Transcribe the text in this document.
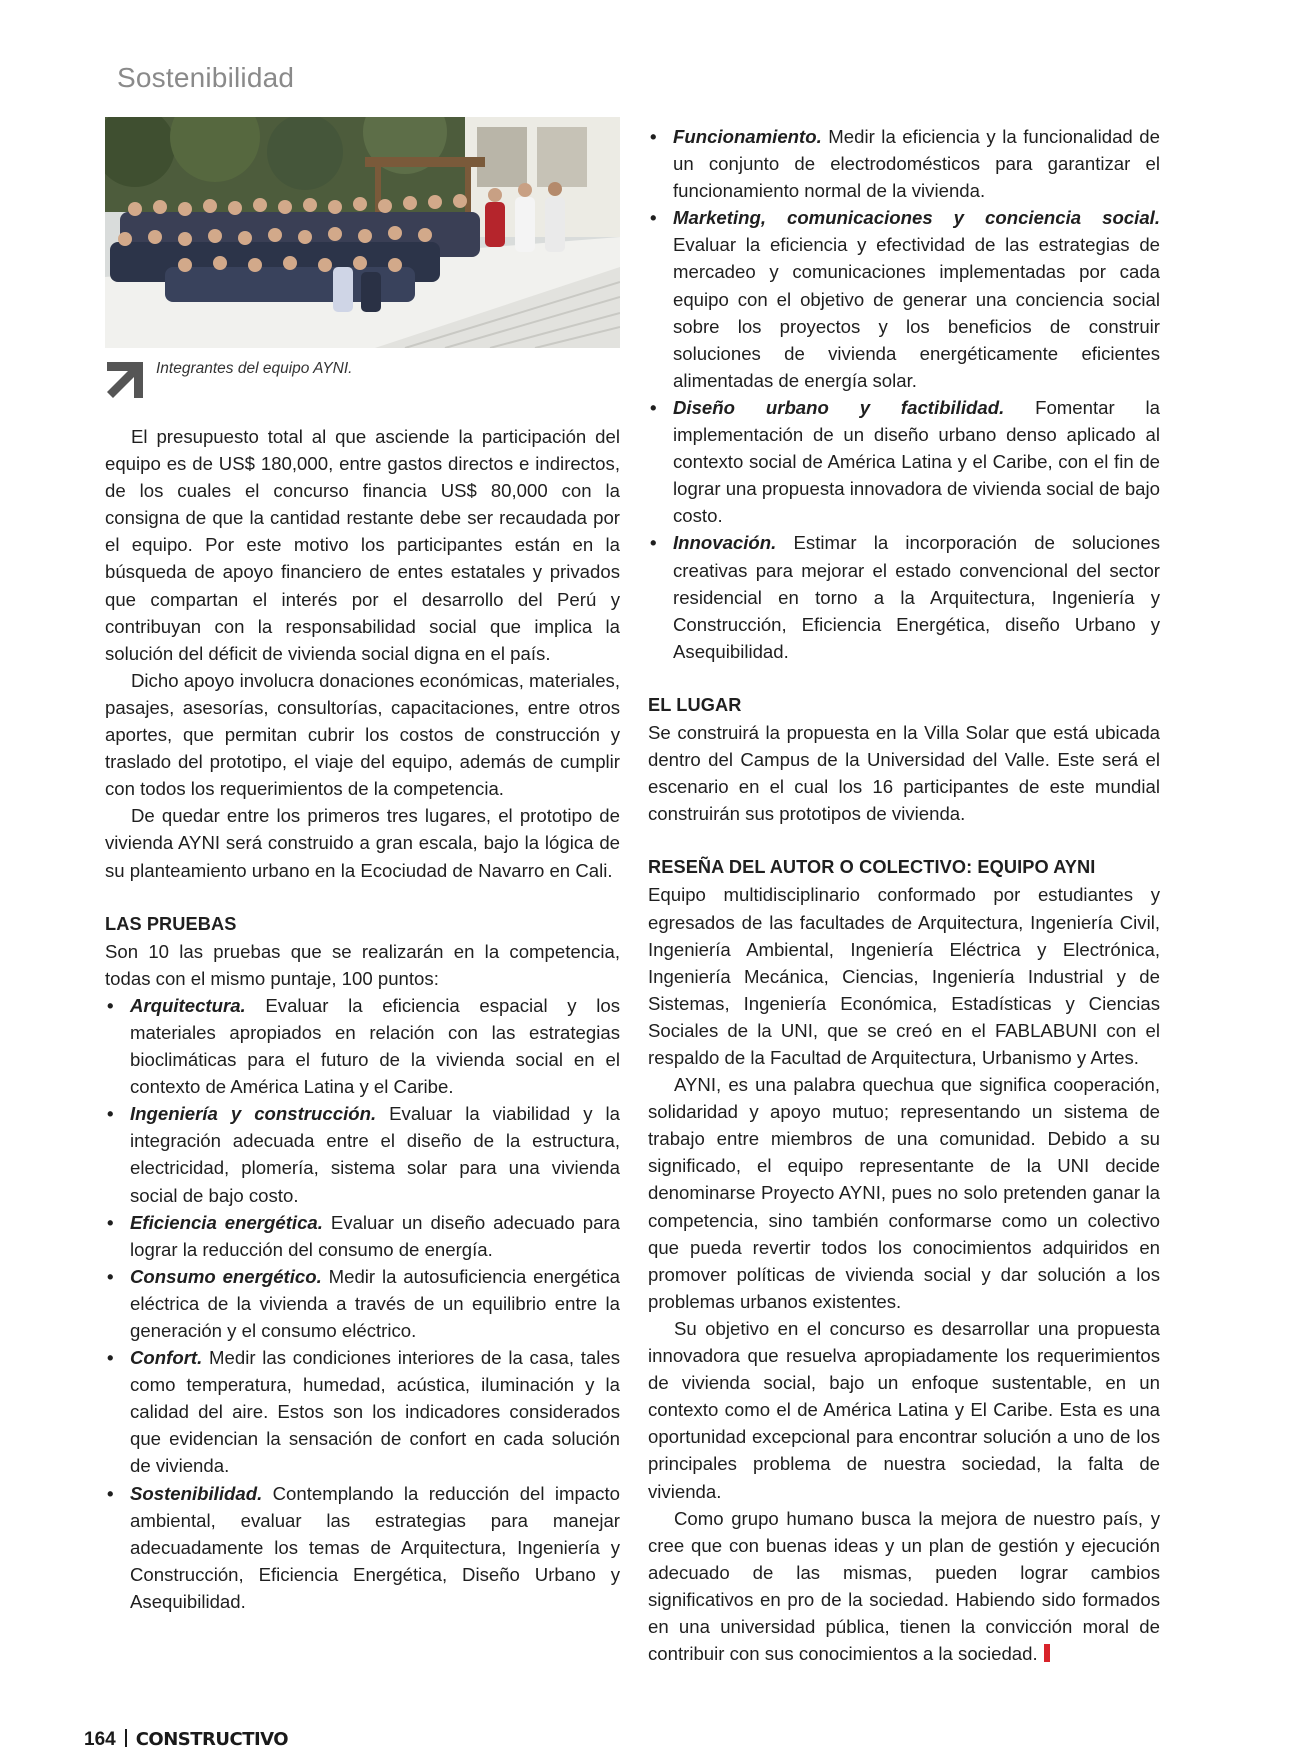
Sostenibilidad
Integrantes del equipo AYNI.

El presupuesto total al que asciende la participación del equipo es de US$ 180,000, entre gastos directos e indirectos, de los cuales el concurso financia US$ 80,000 con la consigna de que la cantidad restante debe ser recaudada por el equipo. Por este motivo los participantes están en la búsqueda de apoyo financiero de entes estatales y privados que compartan el interés por el desarrollo del Perú y contribuyan con la responsabilidad social que implica la solución del déficit de vivienda social digna en el país.

Dicho apoyo involucra donaciones económicas, materiales, pasajes, asesorías, consultorías, capacitaciones, entre otros aportes, que permitan cubrir los costos de construcción y traslado del prototipo, el viaje del equipo, además de cumplir con todos los requerimientos de la competencia.

De quedar entre los primeros tres lugares, el prototipo de vivienda AYNI será construido a gran escala, bajo la lógica de su planteamiento urbano en la Ecociudad de Navarro en Cali.

LAS PRUEBAS

Son 10 las pruebas que se realizarán en la competencia, todas con el mismo puntaje, 100 puntos:

• Arquitectura. Evaluar la eficiencia espacial y los materiales apropiados en relación con las estrategias bioclimáticas para el futuro de la vivienda social en el contexto de América Latina y el Caribe.
• Ingeniería y construcción. Evaluar la viabilidad y la integración adecuada entre el diseño de la estructura, electricidad, plomería, sistema solar para una vivienda social de bajo costo.
• Eficiencia energética. Evaluar un diseño adecuado para lograr la reducción del consumo de energía.
• Consumo energético. Medir la autosuficiencia energética eléctrica de la vivienda a través de un equilibrio entre la generación y el consumo eléctrico.
• Confort. Medir las condiciones interiores de la casa, tales como temperatura, humedad, acústica, iluminación y la calidad del aire. Estos son los indicadores considerados que evidencian la sensación de confort en cada solución de vivienda.
• Sostenibilidad. Contemplando la reducción del impacto ambiental, evaluar las estrategias para manejar adecuadamente los temas de Arquitectura, Ingeniería y Construcción, Eficiencia Energética, Diseño Urbano y Asequibilidad.
• Funcionamiento. Medir la eficiencia y la funcionalidad de un conjunto de electrodomésticos para garantizar el funcionamiento normal de la vivienda.
• Marketing, comunicaciones y conciencia social. Evaluar la eficiencia y efectividad de las estrategias de mercadeo y comunicaciones implementadas por cada equipo con el objetivo de generar una conciencia social sobre los proyectos y los beneficios de construir soluciones de vivienda energéticamente eficientes alimentadas de energía solar.
• Diseño urbano y factibilidad. Fomentar la implementación de un diseño urbano denso aplicado al contexto social de América Latina y el Caribe, con el fin de lograr una propuesta innovadora de vivienda social de bajo costo.
• Innovación. Estimar la incorporación de soluciones creativas para mejorar el estado convencional del sector residencial en torno a la Arquitectura, Ingeniería y Construcción, Eficiencia Energética, diseño Urbano y Asequibilidad.
EL LUGAR

Se construirá la propuesta en la Villa Solar que está ubicada dentro del Campus de la Universidad del Valle. Este será el escenario en el cual los 16 participantes de este mundial construirán sus prototipos de vivienda.

RESEÑA DEL AUTOR O COLECTIVO: EQUIPO AYNI

Equipo multidisciplinario conformado por estudiantes y egresados de las facultades de Arquitectura, Ingeniería Civil, Ingeniería Ambiental, Ingeniería Eléctrica y Electrónica, Ingeniería Mecánica, Ciencias, Ingeniería Industrial y de Sistemas, Ingeniería Económica, Estadísticas y Ciencias Sociales de la UNI, que se creó en el FABLABUNI con el respaldo de la Facultad de Arquitectura, Urbanismo y Artes.

AYNI, es una palabra quechua que significa cooperación, solidaridad y apoyo mutuo; representando un sistema de trabajo entre miembros de una comunidad. Debido a su significado, el equipo representante de la UNI decide denominarse Proyecto AYNI, pues no solo pretenden ganar la competencia, sino también conformarse como un colectivo que pueda revertir todos los conocimientos adquiridos en promover políticas de vivienda social y dar solución a los problemas urbanos existentes.

Su objetivo en el concurso es desarrollar una propuesta innovadora que resuelva apropiadamente los requerimientos de vivienda social, bajo un enfoque sustentable, en un contexto como el de América Latina y El Caribe. Esta es una oportunidad excepcional para encontrar solución a uno de los principales problema de nuestra sociedad, la falta de vivienda.

Como grupo humano busca la mejora de nuestro país, y cree que con buenas ideas y un plan de gestión y ejecución adecuado de las mismas, pueden lograr cambios significativos en pro de la sociedad. Habiendo sido formados en una universidad pública, tienen la convicción moral de contribuir con sus conocimientos a la sociedad.

164 CONSTRUCTIVO
